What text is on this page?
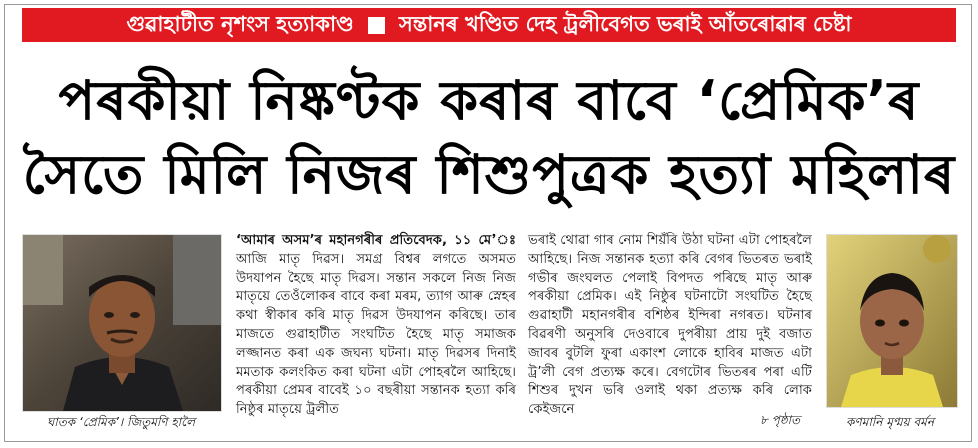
গুৱাহাটীত নৃশংস হত্যাকাণ্ড সন্তানৰ খণ্ডিত দেহ ট্ৰলীবেগত ভৰাই আঁতৰোৱাৰ চেষ্টা
পৰকীয়া নিষ্কণ্টক কৰাৰ বাবে ‘প্ৰেমিক’ৰ
সৈতে মিলি নিজৰ শিশুপুত্ৰক হত্যা মহিলাৰ
ঘাতক ‘প্ৰেমিক’। জিতুমণি হালৈ

‘আমাৰ অসম’ৰ মহানগৰীৰ প্ৰতিবেদক, ১১ মে’ঃ আজি মাতৃ দিৱস। সমগ্ৰ বিশ্বৰ লগতে অসমত উদযাপন হৈছে মাতৃ দিৱস। সন্তান সকলে নিজ নিজ মাতৃয়ে তেওঁলোকৰ বাবে কৰা মৰম, ত্যাগ আৰু স্নেহৰ কথা স্বীকাৰ কৰি মাতৃ দিৱস উদযাপন কৰিছে। তাৰ মাজতে গুৱাহাটীত সংঘটিত হৈছে মাতৃ সমাজক লজ্জানত কৰা এক জঘন্য ঘটনা। মাতৃ দিৱসৰ দিনাই মমতাক কলংকিত কৰা ঘটনা এটা পোহৰলৈ আহিছে। পৰকীয়া প্ৰেমৰ বাবেই ১০ বছৰীয়া সন্তানক হত্যা কৰি নিষ্ঠুৰ মাতৃয়ে ট্ৰলীত

ভৰাই থোৱা গাৰ নোম শিয়ঁৰি উঠা ঘটনা এটা পোহৰলৈ আহিছে। নিজ সন্তানক হত্যা কৰি বেগৰ ভিতৰত ভৰাই গভীৰ জংঘলত পেলাই বিপদত পৰিছে মাতৃ আৰু পৰকীয়া প্ৰেমিক। এই নিষ্ঠুৰ ঘটনাটো সংঘটিত হৈছে গুৱাহাটী মহানগৰীৰ বশিষ্ঠৰ ইন্দিৰা নগৰত। ঘটনাৰ বিৱৰণী অনুসৰি দেওবাৰে দুপৰীয়া প্ৰায় দুই বজাত জাবৰ বুটলি ফুৰা একাংশ লোকে হাবিৰ মাজত এটা ট্ৰ’লী বেগ প্ৰত্যক্ষ কৰে। বেগটোৰ ভিতৰৰ পৰা এটি শিশুৰ দুখন ভৰি ওলাই থকা প্ৰত্যক্ষ কৰি লোক কেইজনে

৮ পৃষ্ঠাত	কণমানি মৃণ্ময় বৰ্মন
